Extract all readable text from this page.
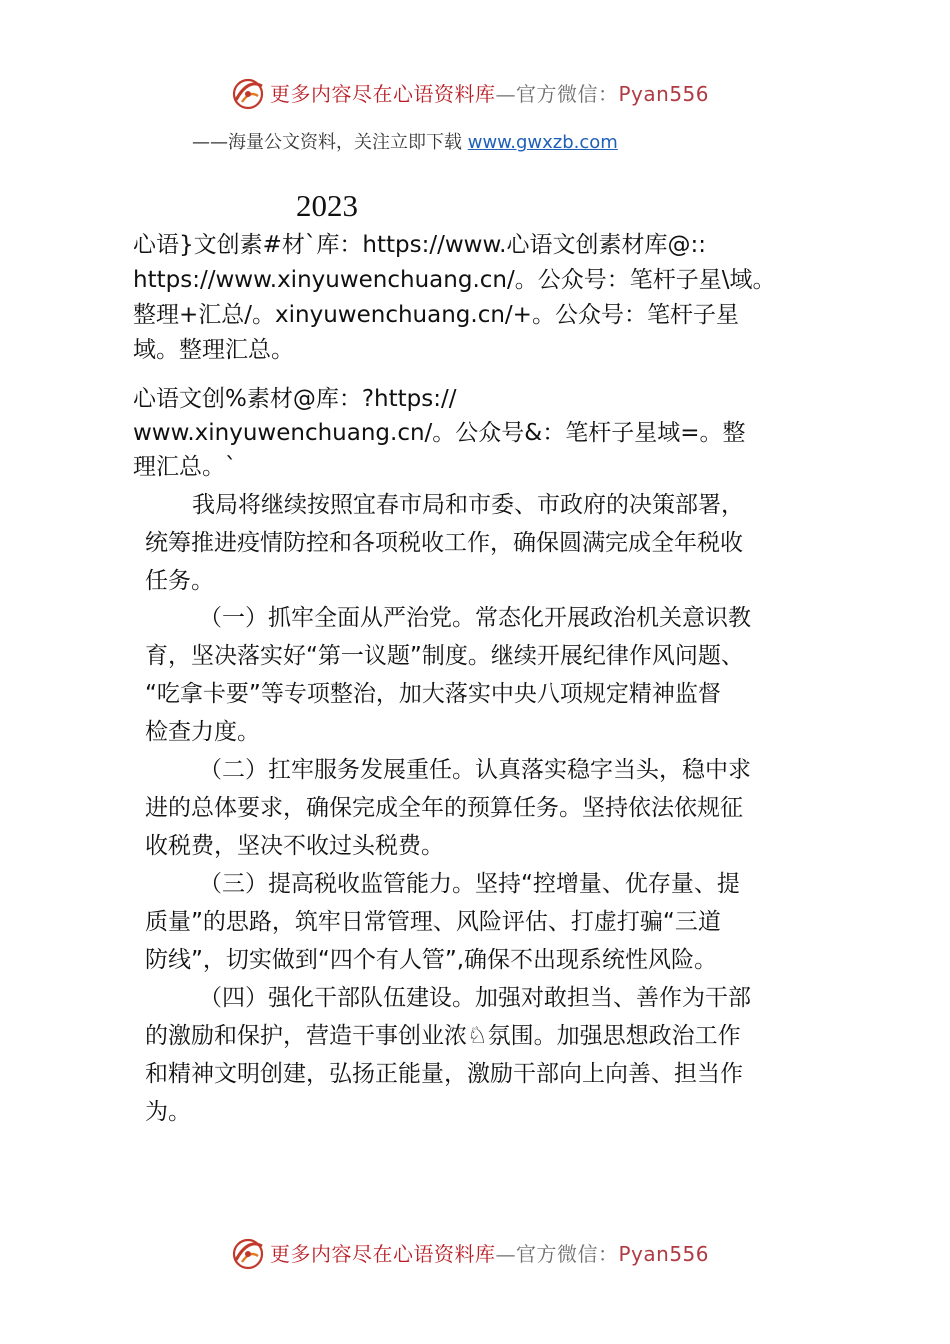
更多内容尽在心语资料库—官方微信：Pyan556
——海量公文资料，关注立即下载 www.gwxzb.com
2023
心语}文创素#材`库：https://www.心语文创素材库@::
https://www.xinyuwenchuang.cn/。公众号：笔杆子星\域。
整理+汇总/。xinyuwenchuang.cn/+。公众号：笔杆子星
域。整理汇总。
心语文创%素材@库：?https://
www.xinyuwenchuang.cn/。公众号&：笔杆子星域=。整
理汇总。`
我局将继续按照宜春市局和市委、市政府的决策部署，
统筹推进疫情防控和各项税收工作，确保圆满完成全年税收
任务。
（一）抓牢全面从严治党。常态化开展政治机关意识教
育，坚决落实好“第一议题”制度。继续开展纪律作风问题、
“吃拿卡要”等专项整治，加大落实中央八项规定精神监督
检查力度。
（二）扛牢服务发展重任。认真落实稳字当头，稳中求
进的总体要求，确保完成全年的预算任务。坚持依法依规征
收税费，坚决不收过头税费。
（三）提高税收监管能力。坚持“控增量、优存量、提
质量”的思路，筑牢日常管理、风险评估、打虚打骗“三道
防线”，切实做到“四个有人管”,确保不出现系统性风险。
（四）强化干部队伍建设。加强对敢担当、善作为干部
的激励和保护，营造干事创业浓♘氛围。加强思想政治工作
和精神文明创建，弘扬正能量，激励干部向上向善、担当作
为。
更多内容尽在心语资料库—官方微信：Pyan556
